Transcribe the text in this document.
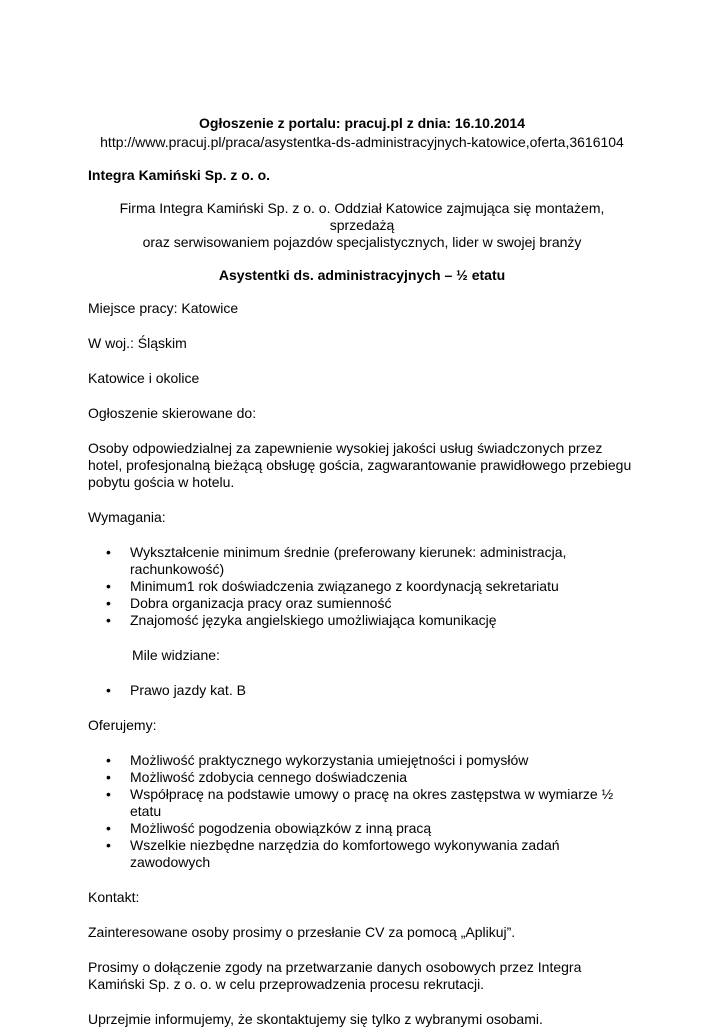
Ogłoszenie z portalu: pracuj.pl z dnia: 16.10.2014

http://www.pracuj.pl/praca/asystentka-ds-administracyjnych-katowice,oferta,3616104

Integra Kamiński Sp. z o. o.

Firma Integra Kamiński Sp. z o. o. Oddział Katowice zajmująca się montażem, sprzedażą

oraz serwisowaniem pojazdów specjalistycznych, lider w swojej branży

Asystentki ds. administracyjnych – ½ etatu

Miejsce pracy: Katowice

W woj.: Śląskim

Katowice i okolice

Ogłoszenie skierowane do:

Osoby odpowiedzialnej za zapewnienie wysokiej jakości usług świadczonych przez hotel, profesjonalną bieżącą obsługę gościa, zagwarantowanie prawidłowego przebiegu pobytu gościa w hotelu.

Wymagania:

• Wykształcenie minimum średnie (preferowany kierunek: administracja, rachunkowość)
• Minimum1 rok doświadczenia związanego z koordynacją sekretariatu
• Dobra organizacja pracy oraz sumienność
• Znajomość języka angielskiego umożliwiająca komunikację

Mile widziane:

• Prawo jazdy kat. B

Oferujemy:

• Możliwość praktycznego wykorzystania umiejętności i pomysłów
• Możliwość zdobycia cennego doświadczenia
• Współpracę na podstawie umowy o pracę na okres zastępstwa w wymiarze ½ etatu
• Możliwość pogodzenia obowiązków z inną pracą
• Wszelkie niezbędne narzędzia do komfortowego wykonywania zadań zawodowych

Kontakt:

Zainteresowane osoby prosimy o przesłanie CV za pomocą „Aplikuj”.

Prosimy o dołączenie zgody na przetwarzanie danych osobowych przez Integra Kamiński Sp. z o. o. w celu przeprowadzenia procesu rekrutacji.

Uprzejmie informujemy, że skontaktujemy się tylko z wybranymi osobami.
